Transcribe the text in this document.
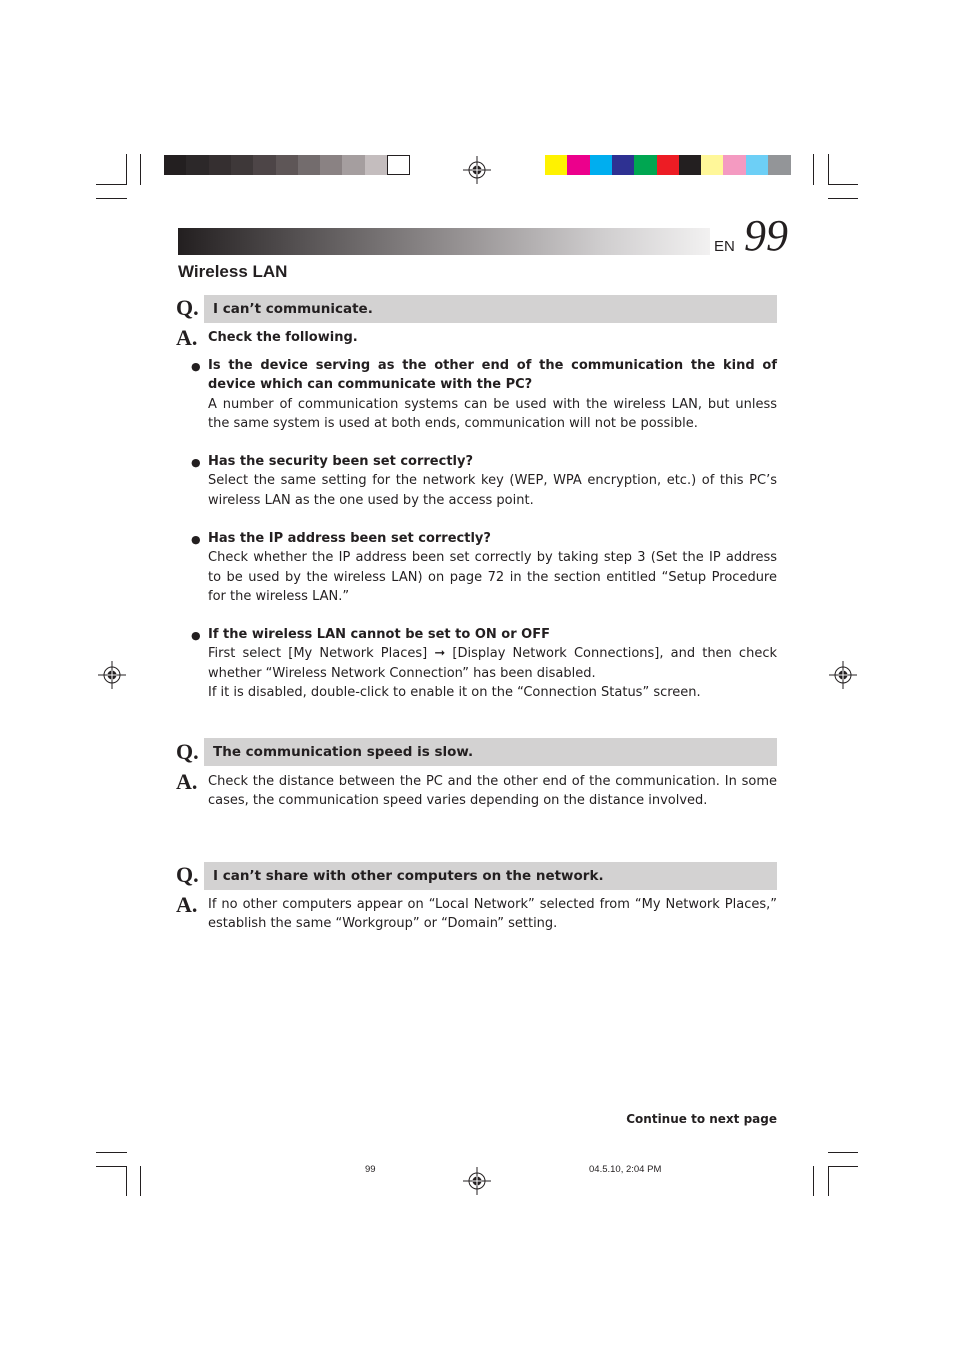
EN 99
Wireless LAN
Q. I can’t communicate.
A. Check the following.
● Is the device serving as the other end of the communication the kind of device which can communicate with the PC?
A number of communication systems can be used with the wireless LAN, but unless the same system is used at both ends, communication will not be possible.
● Has the security been set correctly?
Select the same setting for the network key (WEP, WPA encryption, etc.) of this PC’s wireless LAN as the one used by the access point.
● Has the IP address been set correctly?
Check whether the IP address been set correctly by taking step 3 (Set the IP address to be used by the wireless LAN) on page 72 in the section entitled “Setup Procedure for the wireless LAN.”
● If the wireless LAN cannot be set to ON or OFF
First select [My Network Places] ➞ [Display Network Connections], and then check whether “Wireless Network Connection” has been disabled.
If it is disabled, double-click to enable it on the “Connection Status” screen.
Q. The communication speed is slow.
A. Check the distance between the PC and the other end of the communication. In some cases, the communication speed varies depending on the distance involved.
Q. I can’t share with other computers on the network.
A. If no other computers appear on “Local Network” selected from “My Network Places,” establish the same “Workgroup” or “Domain” setting.
Continue to next page
99	04.5.10, 2:04 PM
